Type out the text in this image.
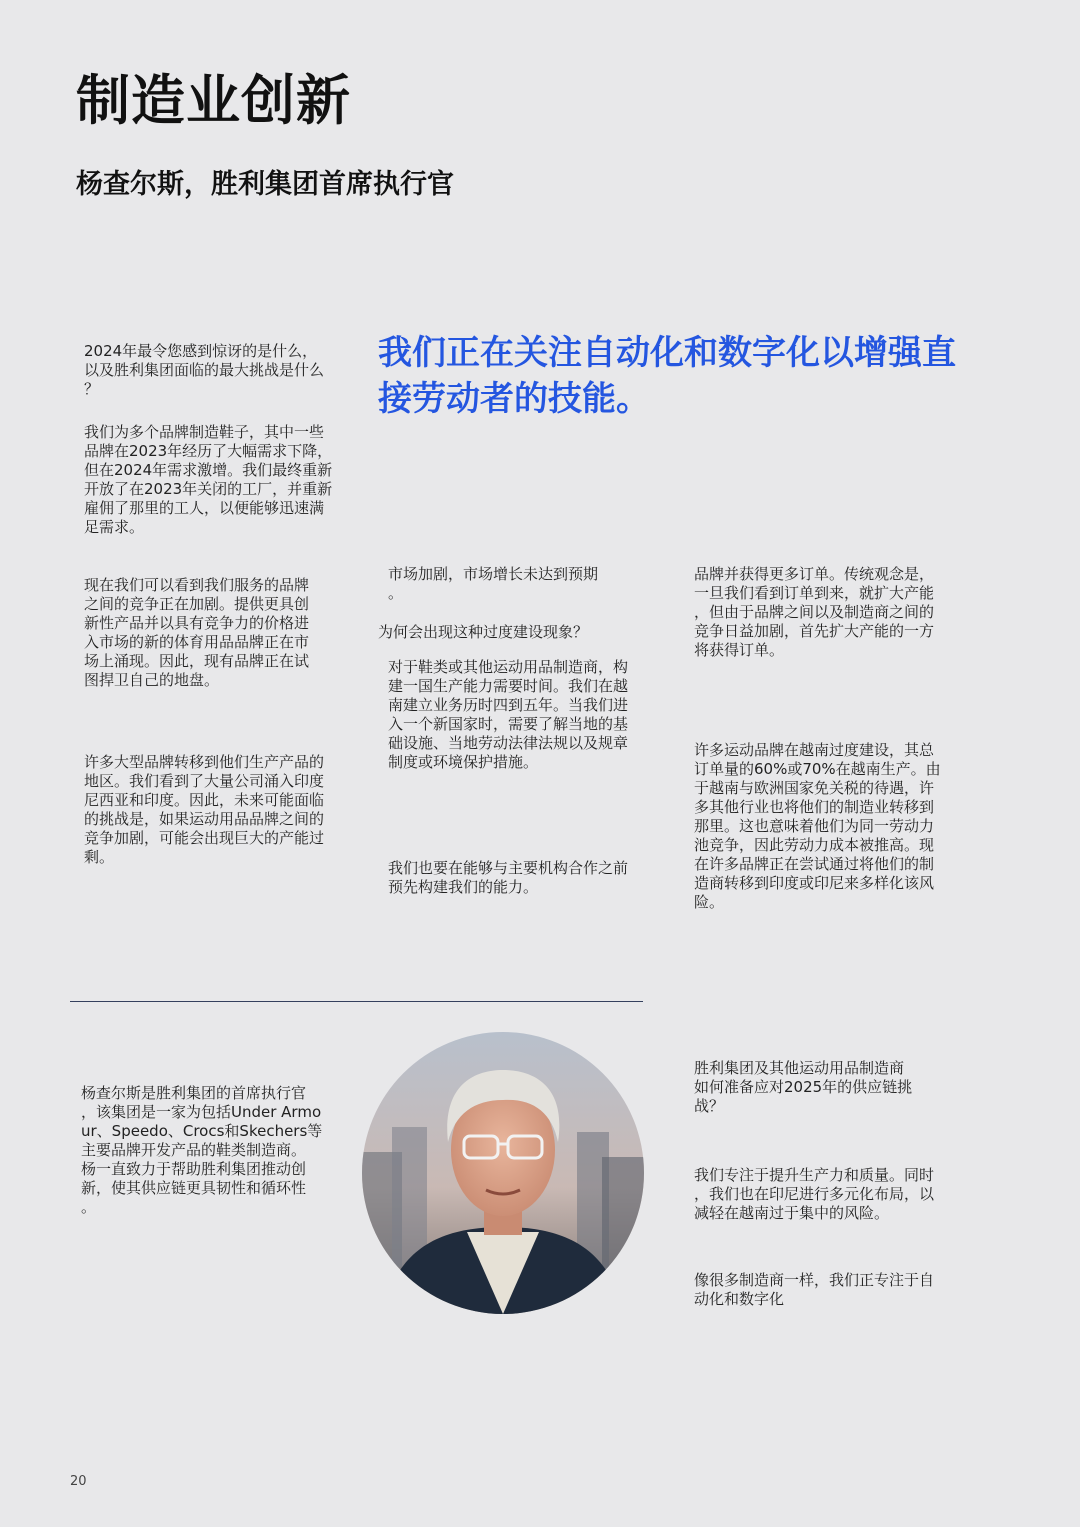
制造业创新
杨查尔斯，胜利集团首席执行官
我们正在关注自动化和数字化以增强直接劳动者的技能。

2024年最令您感到惊讶的是什么，
以及胜利集团面临的最大挑战是什么
？

我们为多个品牌制造鞋子，其中一些
品牌在2023年经历了大幅需求下降，
但在2024年需求激增。我们最终重新
开放了在2023年关闭的工厂，并重新
雇佣了那里的工人，以便能够迅速满
足需求。

现在我们可以看到我们服务的品牌
之间的竞争正在加剧。提供更具创
新性产品并以具有竞争力的价格进
入市场的新的体育用品品牌正在市
场上涌现。因此，现有品牌正在试
图捍卫自己的地盘。

许多大型品牌转移到他们生产产品的
地区。我们看到了大量公司涌入印度
尼西亚和印度。因此，未来可能面临
的挑战是，如果运动用品品牌之间的
竞争加剧，可能会出现巨大的产能过
剩。

市场加剧，市场增长未达到预期
。

为何会出现这种过度建设现象？

对于鞋类或其他运动用品制造商，构
建一国生产能力需要时间。我们在越
南建立业务历时四到五年。当我们进
入一个新国家时，需要了解当地的基
础设施、当地劳动法律法规以及规章
制度或环境保护措施。

我们也要在能够与主要机构合作之前
预先构建我们的能力。

品牌并获得更多订单。传统观念是，
一旦我们看到订单到来，就扩大产能
，但由于品牌之间以及制造商之间的
竞争日益加剧，首先扩大产能的一方
将获得订单。

许多运动品牌在越南过度建设，其总
订单量的60%或70%在越南生产。由
于越南与欧洲国家免关税的待遇，许
多其他行业也将他们的制造业转移到
那里。这也意味着他们为同一劳动力
池竞争，因此劳动力成本被推高。现
在许多品牌正在尝试通过将他们的制
造商转移到印度或印尼来多样化该风
险。

杨查尔斯是胜利集团的首席执行官
，该集团是一家为包括Under Armo
ur、Speedo、Crocs和Skechers等
主要品牌开发产品的鞋类制造商。
杨一直致力于帮助胜利集团推动创
新，使其供应链更具韧性和循环性
。

胜利集团及其他运动用品制造商
如何准备应对2025年的供应链挑
战？

我们专注于提升生产力和质量。同时
，我们也在印尼进行多元化布局，以
减轻在越南过于集中的风险。

像很多制造商一样，我们正专注于自
动化和数字化

20
